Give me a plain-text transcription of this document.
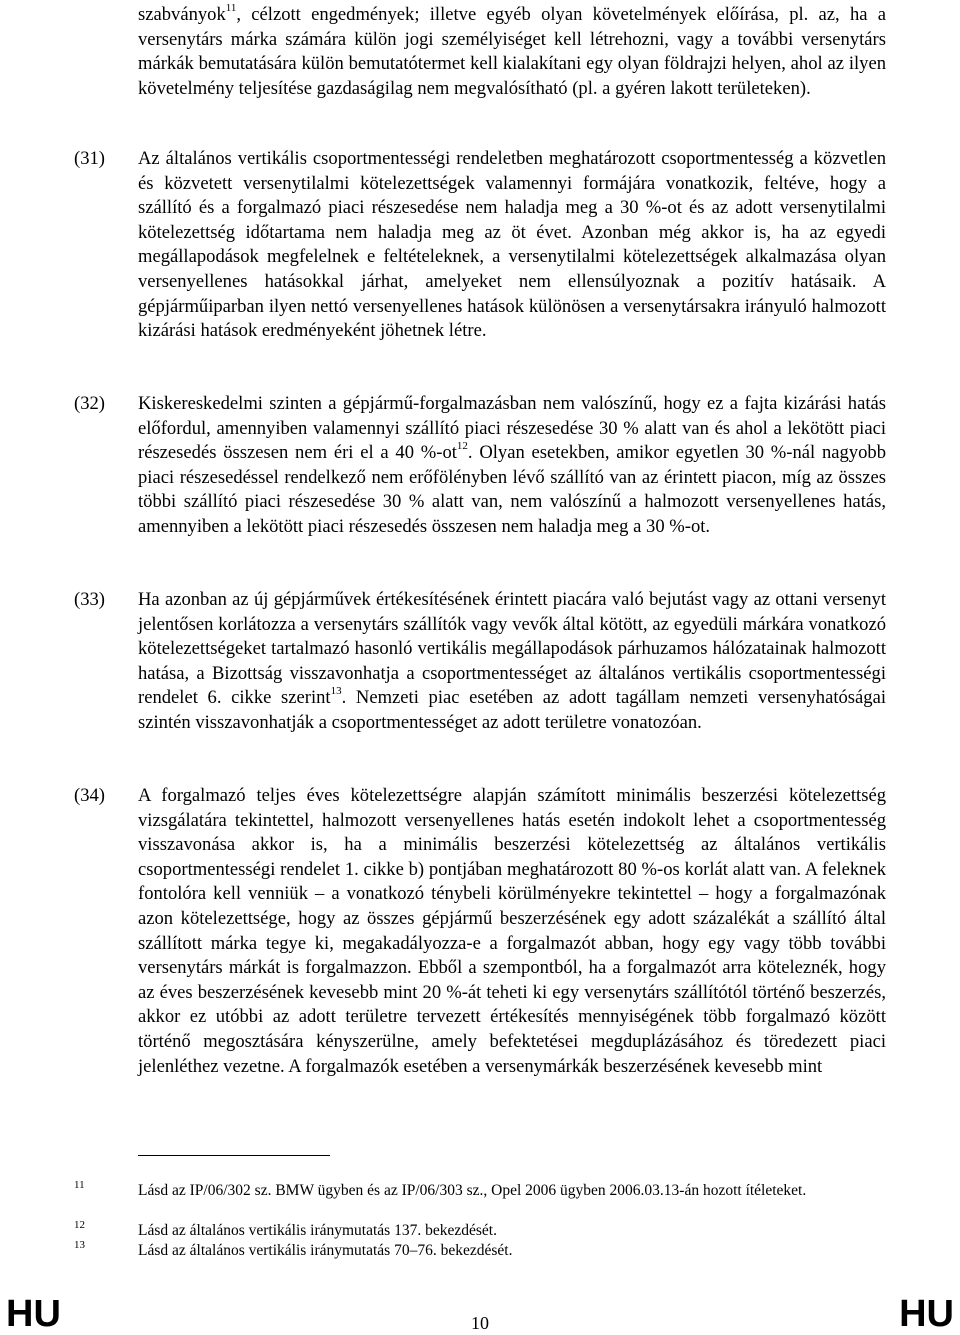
szabványok$^{11}$, célzott engedmények; illetve egyéb olyan követelmények előírása, pl. az, ha a versenytárs márka számára külön jogi személyiséget kell létrehozni, vagy a további versenytárs márkák bemutatására külön bemutatótermet kell kialakítani egy olyan földrajzi helyen, ahol az ilyen követelmény teljesítése gazdaságilag nem megvalósítható (pl. a gyéren lakott területeken).

(31) Az általános vertikális csoportmentességi rendeletben meghatározott csoportmentesség a közvetlen és közvetett versenytilalmi kötelezettségek valamennyi formájára vonatkozik, feltéve, hogy a szállító és a forgalmazó piaci részesedése nem haladja meg a 30 %-ot és az adott versenytilalmi kötelezettség időtartama nem haladja meg az öt évet. Azonban még akkor is, ha az egyedi megállapodások megfelelnek e feltételeknek, a versenytilalmi kötelezettségek alkalmazása olyan versenyellenes hatásokkal járhat, amelyeket nem ellensúlyoznak a pozitív hatásaik. A gépjárműiparban ilyen nettó versenyellenes hatások különösen a versenytársakra irányuló halmozott kizárási hatások eredményeként jöhetnek létre.
(32) Kiskereskedelmi szinten a gépjármű-forgalmazásban nem valószínű, hogy ez a fajta kizárási hatás előfordul, amennyiben valamennyi szállító piaci részesedése 30 % alatt van és ahol a lekötött piaci részesedés összesen nem éri el a 40 $\%-ot^{12}$. Olyan esetekben, amikor egyetlen 30 %-nál nagyobb piaci részesedéssel rendelkező nem erőfölényben lévő szállító van az érintett piacon, míg az összes többi szállító piaci részesedése 30 % alatt van, nem valószínű a halmozott versenyellenes hatás, amennyiben a lekötött piaci részesedés összesen nem haladja meg a 30 %-ot.
(33) Ha azonban az új gépjárművek értékesítésének érintett piacára való bejutást vagy az ottani versenyt jelentősen korlátozza a versenytárs szállítók vagy vevők által kötött, az egyedüli márkára vonatkozó kötelezettségeket tartalmazó hasonló vertikális megállapodások párhuzamos hálózatainak halmozott hatása, a Bizottság visszavonhatja a csoportmentességet az általános vertikális csoportmentességi rendelet 6. cikke szerint$^{13}$. Nemzeti piac esetében az adott tagállam nemzeti versenyhatóságai szintén visszavonhatják a csoportmentességet az adott területre vonatozóan.
(34) A forgalmazó teljes éves kötelezettségre alapján számított minimális beszerzési kötelezettség vizsgálatára tekintettel, halmozott versenyellenes hatás esetén indokolt lehet a csoportmentesség visszavonása akkor is, ha a minimális beszerzési kötelezettség az általános vertikális csoportmentességi rendelet 1. cikke b) pontjában meghatározott 80 %-os korlát alatt van. A feleknek fontolóra kell venniük – a vonatkozó ténybeli körülményekre tekintettel – hogy a forgalmazónak azon kötelezettsége, hogy az összes gépjármű beszerzésének egy adott százalékát a szállító által szállított márka tegye ki, megakadályozza-e a forgalmazót abban, hogy egy vagy több további versenytárs márkát is forgalmazzon. Ebből a szempontból, ha a forgalmazót arra köteleznék, hogy az éves beszerzésének kevesebb mint 20 %-át teheti ki egy versenytárs szállítótól történő beszerzés, akkor ez utóbbi az adott területre tervezett értékesítés mennyiségének több forgalmazó között történő megosztására kényszerülne, amely befektetései megduplázásához és töredezett piaci jelenléthez vezetne. A forgalmazók esetében a versenymárkák beszerzésének kevesebb mint
11	Lásd az IP/06/302 sz. BMW ügyben és az IP/06/303 sz., Opel 2006 ügyben 2006.03.13-án hozott ítéleteket.
12	Lásd az általános vertikális iránymutatás 137. bekezdését.
13	Lásd az általános vertikális iránymutatás 70–76. bekezdését.
HU	10	HU
